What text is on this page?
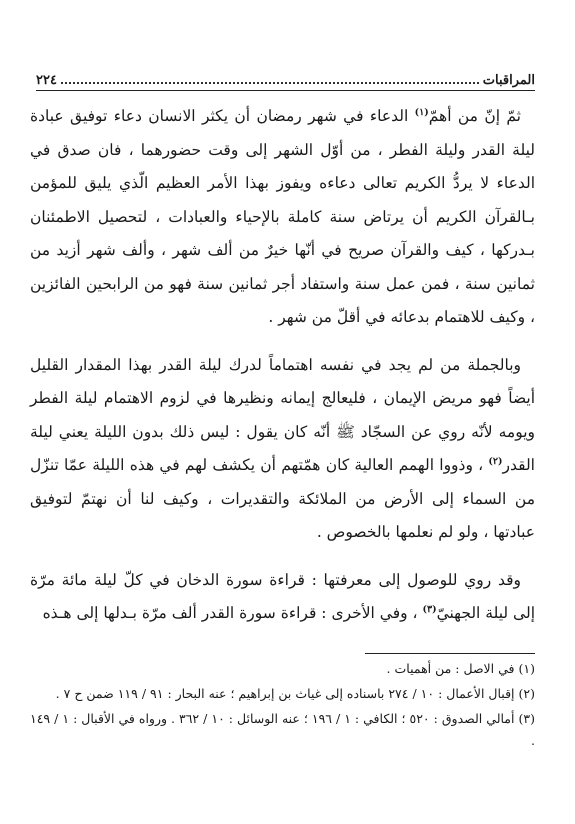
المراقبات
٢٢٤

ثمّ إنّ من أهمّ$^{(١)}$ الدعاء في شهر رمضان أن يكثر الانسان دعاء توفيق عبادة ليلة القدر وليلة الفطر ، من أوّل الشهر إلى وقت حضورهما ، فان صدق في الدعاء لا يردُّ الكريم تعالى دعاءه ويفوز بهذا الأمر العظيم الّذي يليق للمؤمن بـالقرآن الكريم أن يرتاض سنة كاملة بالإحياء والعبادات ، لتحصيل الاطمئنان بـدركها ، كيف والقرآن صريح في أنّها خيرٌ من ألف شهر ، وألف شهر أزيد من ثمانين سنة ، فمن عمل سنة واستفاد أجر ثمانين سنة فهو من الرابحين الفائزين ، وكيف للاهتمام بدعائه في أقلّ من شهر .

وبالجملة من لم يجد في نفسه اهتماماً لدرك ليلة القدر بهذا المقدار القليل أيضاً فهو مريض الإيمان ، فليعالج إيمانه ونظيرها في لزوم الاهتمام ليلة الفطر ويومه لأنّه روي عن السجّاد ﷺ أنّه كان يقول : ليس ذلك بدون الليلة يعني ليلة القدر$^{(٢)}$ ، وذووا الهمم العالية كان همّتهم أن يكشف لهم في هذه الليلة عمّا تنزّل من السماء إلى الأرض من الملائكة والتقديرات ، وكيف لنا أن نهتمّ لتوفيق عبادتها ، ولو لم نعلمها بالخصوص .

وقد روي للوصول إلى معرفتها : قراءة سورة الدخان في كلّ ليلة مائة مرّة إلى ليلة الجهنيّ$^{(٣)}$ ، وفي الأخرى : قراءة سورة القدر ألف مرّة بـدلها إلى هـذه

(١) في الاصل : من أهميات .
(٢) إقبال الأعمال : ١٠ / ٢٧٤ باسناده إلى غياث بن إبراهيم ؛ عنه البحار : ٩١ / ١١٩ ضمن ح ٧ .
(٣) أمالي الصدوق : ٥٢٠ ؛ الكافي : ١ / ١٩٦ ؛ عنه الوسائل : ١٠ / ٣٦٢ . ورواه في الأقبال : ١ / ١٤٩ .
